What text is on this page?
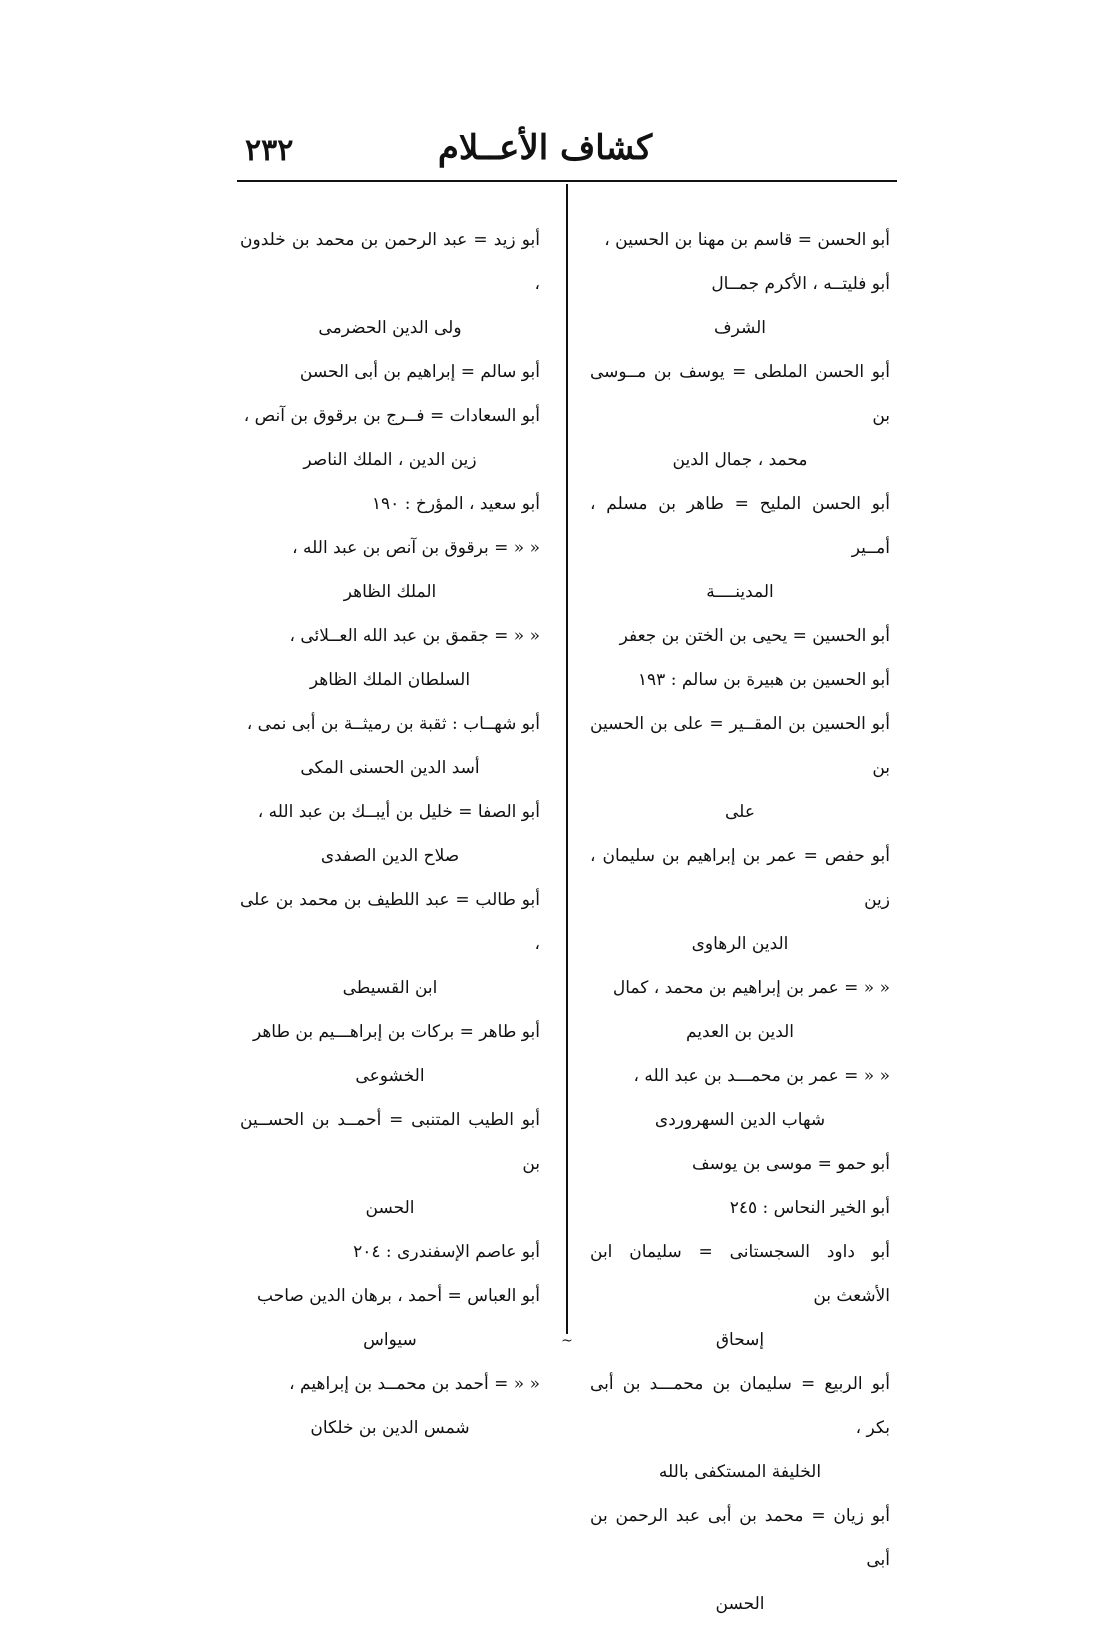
٢٣٢	كشاف الأعــلام
أبو الحسن = قاسم بن مهنا بن الحسين ،
أبو فليتــه ، الأكرم جمــال
الشرف
أبو الحسن الملطى = يوسف بن مــوسى بن
محمد ، جمال الدين
أبو الحسن المليح = طاهر بن مسلم ، أمــير
المدينــــة
أبو الحسين = يحيى بن الختن بن جعفر
أبو الحسين بن هبيرة بن سالم : ١٩٣
أبو الحسين بن المقــير = على بن الحسين بن
على
أبو حفص = عمر بن إبراهيم بن سليمان ، زين
الدين الرهاوى
« « = عمر بن إبراهيم بن محمد ، كمال
الدين بن العديم
« « = عمر بن محمـــد بن عبد الله ،
شهاب الدين السهروردى
أبو حمو = موسى بن يوسف
أبو الخير النحاس : ٢٤٥
أبو داود السجستانى = سليمان ابن الأشعث بن
إسحاق
أبو الربيع = سليمان بن محمـــد بن أبى بكر ،
الخليفة المستكفى بالله
أبو زيان = محمد بن أبى عبد الرحمن بن أبى
الحسن
أبو زيد = عبد الرحمن بن محمد بن خلدون ،
ولى الدين الحضرمى
أبو سالم = إبراهيم بن أبى الحسن
أبو السعادات = فــرج بن برقوق بن آنص ،
زين الدين ، الملك الناصر
أبو سعيد ، المؤرخ : ١٩٠
« « = برقوق بن آنص بن عبد الله ،
الملك الظاهر
« « = جقمق بن عبد الله العــلائى ،
السلطان الملك الظاهر
أبو شهــاب : ثقبة بن رميثــة بن أبى نمى ،
أسد الدين الحسنى المكى
أبو الصفا = خليل بن أيبــك بن عبد الله ،
صلاح الدين الصفدى
أبو طالب = عبد اللطيف بن محمد بن على ،
ابن القسيطى
أبو طاهر = بركات بن إبراهـــيم بن طاهر
الخشوعى
أبو الطيب المتنبى = أحمــد بن الحســين بن
الحسن
أبو عاصم الإسفندرى : ٢٠٤
أبو العباس = أحمد ، برهان الدين صاحب
سيواس
« « = أحمد بن محمــد بن إبراهيم ،
شمس الدين بن خلكان
~
